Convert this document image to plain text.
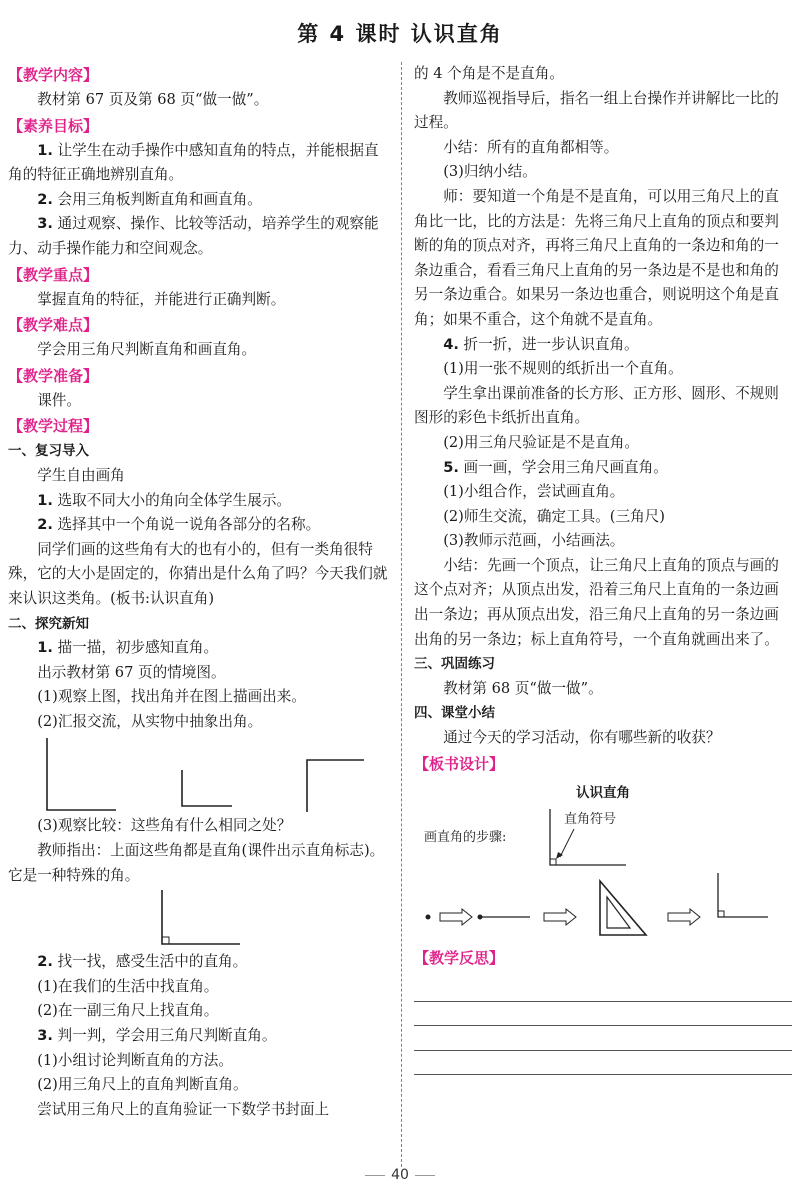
第 4 课时 认识直角

【教学内容】

教材第 67 页及第 68 页“做一做”。

【素养目标】

1. 让学生在动手操作中感知直角的特点，并能根据直角的特征正确地辨别直角。

2. 会用三角板判断直角和画直角。

3. 通过观察、操作、比较等活动，培养学生的观察能力、动手操作能力和空间观念。

【教学重点】

掌握直角的特征，并能进行正确判断。

【教学难点】

学会用三角尺判断直角和画直角。

【教学准备】

课件。

【教学过程】

一、复习导入

学生自由画角

1. 选取不同大小的角向全体学生展示。

2. 选择其中一个角说一说角各部分的名称。

同学们画的这些角有大的也有小的，但有一类角很特殊，它的大小是固定的，你猜出是什么角了吗？今天我们就来认识这类角。(板书:认识直角)

二、探究新知

1. 描一描，初步感知直角。

出示教材第 67 页的情境图。

(1)观察上图，找出角并在图上描画出来。

(2)汇报交流，从实物中抽象出角。

(3)观察比较：这些角有什么相同之处？

教师指出：上面这些角都是直角(课件出示直角标志)。它是一种特殊的角。

2. 找一找，感受生活中的直角。

(1)在我们的生活中找直角。

(2)在一副三角尺上找直角。

3. 判一判，学会用三角尺判断直角。

(1)小组讨论判断直角的方法。

(2)用三角尺上的直角判断直角。

尝试用三角尺上的直角验证一下数学书封面上

的 4 个角是不是直角。

教师巡视指导后，指名一组上台操作并讲解比一比的过程。

小结：所有的直角都相等。

(3)归纳小结。

师：要知道一个角是不是直角，可以用三角尺上的直角比一比，比的方法是：先将三角尺上直角的顶点和要判断的角的顶点对齐，再将三角尺上直角的一条边和角的一条边重合，看看三角尺上直角的另一条边是不是也和角的另一条边重合。如果另一条边也重合，则说明这个角是直角；如果不重合，这个角就不是直角。

4. 折一折，进一步认识直角。

(1)用一张不规则的纸折出一个直角。

学生拿出课前准备的长方形、正方形、圆形、不规则图形的彩色卡纸折出直角。

(2)用三角尺验证是不是直角。

5. 画一画，学会用三角尺画直角。

(1)小组合作，尝试画直角。

(2)师生交流，确定工具。(三角尺)

(3)教师示范画，小结画法。

小结：先画一个顶点，让三角尺上直角的顶点与画的这个点对齐；从顶点出发，沿着三角尺上直角的一条边画出一条边；再从顶点出发，沿三角尺上直角的另一条边画出角的另一条边；标上直角符号，一个直角就画出来了。

三、巩固练习

教材第 68 页“做一做”。

四、课堂小结

通过今天的学习活动，你有哪些新的收获？

【板书设计】

认识直角
画直角的步骤:
直角符号

【教学反思】

40
